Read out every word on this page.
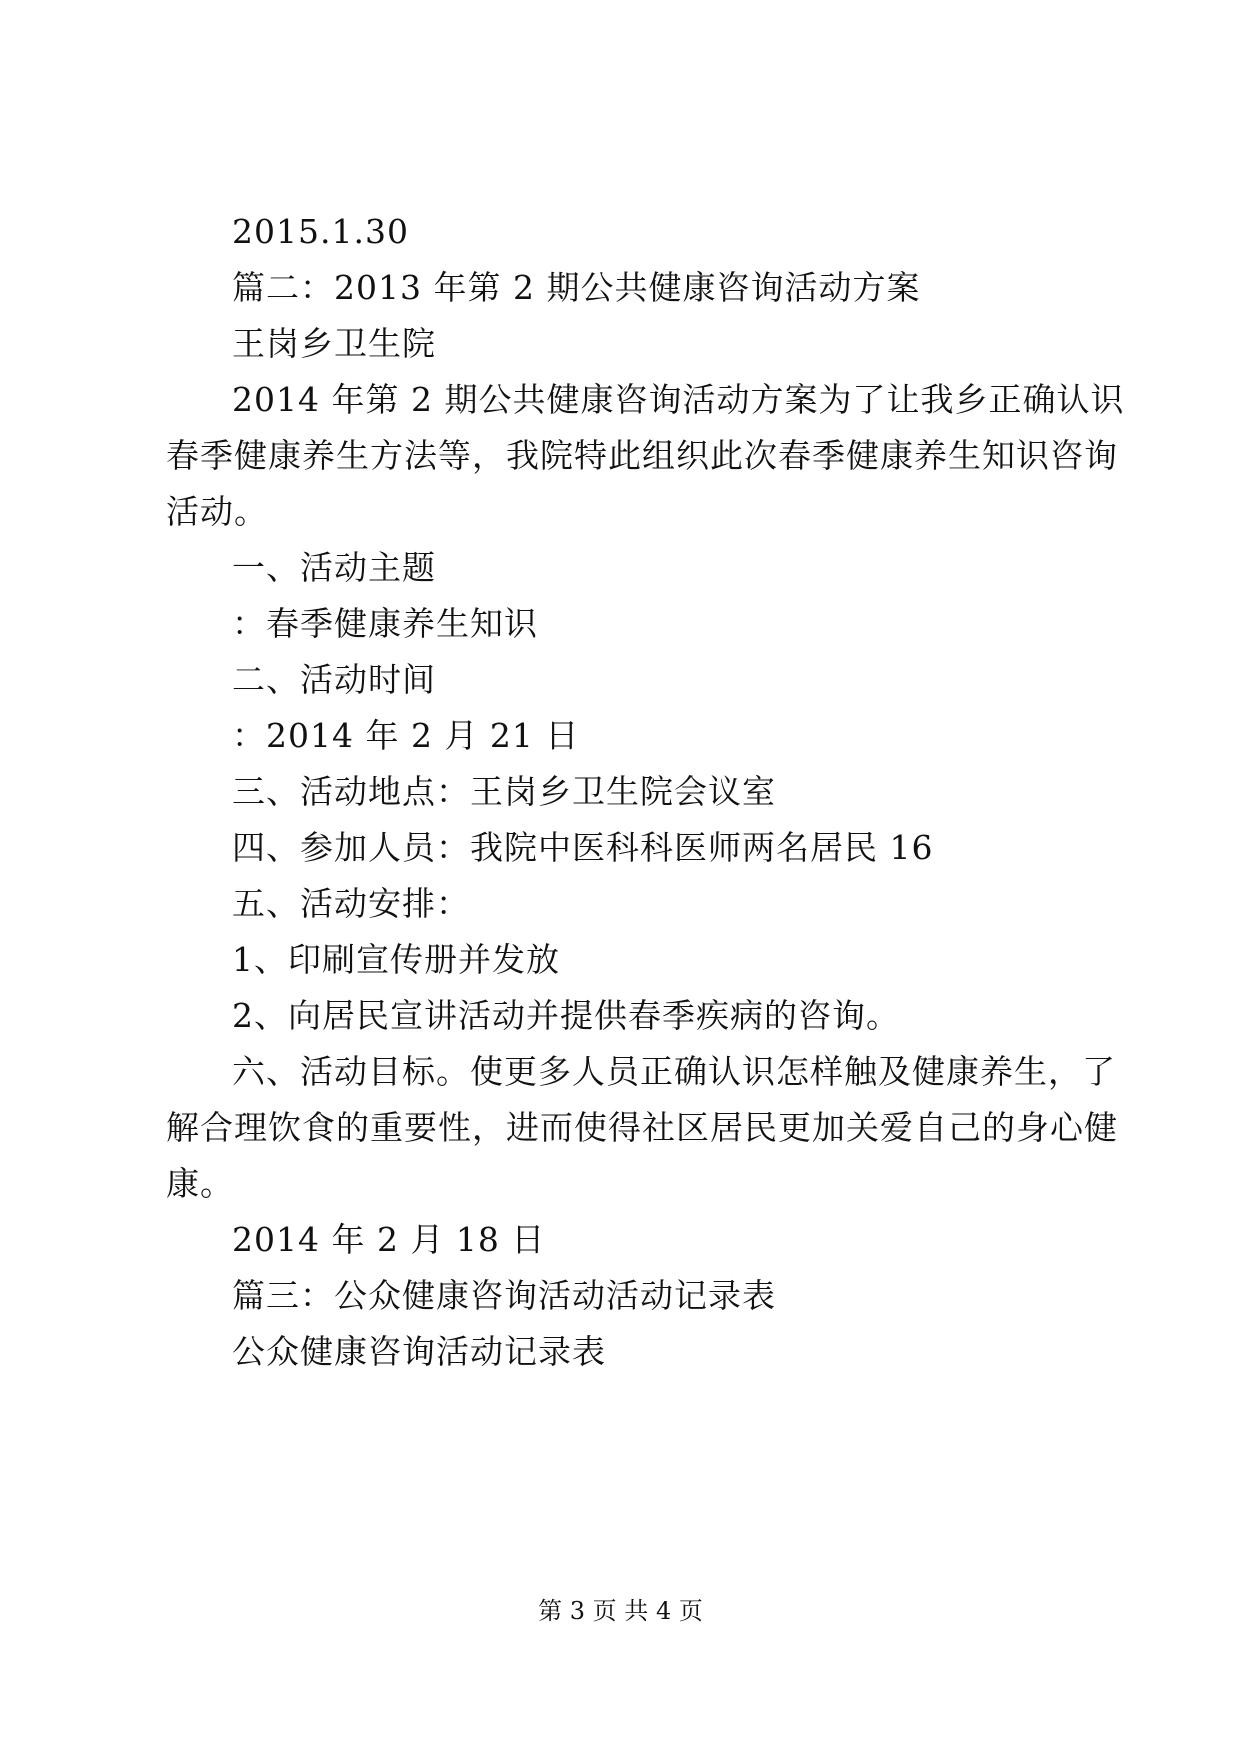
2015.1.30
篇二：2013 年第 2 期公共健康咨询活动方案
王岗乡卫生院
2014 年第 2 期公共健康咨询活动方案为了让我乡正确认识
春季健康养生方法等，我院特此组织此次春季健康养生知识咨询
活动。
一、活动主题
：春季健康养生知识
二、活动时间
：2014 年 2 月 21 日
三、活动地点：王岗乡卫生院会议室
四、参加人员：我院中医科科医师两名居民 16
五、活动安排：
1、印刷宣传册并发放
2、向居民宣讲活动并提供春季疾病的咨询。
六、活动目标。使更多人员正确认识怎样触及健康养生，了
解合理饮食的重要性，进而使得社区居民更加关爱自己的身心健
康。
2014 年 2 月 18 日
篇三：公众健康咨询活动活动记录表
公众健康咨询活动记录表
第 3 页 共 4 页
